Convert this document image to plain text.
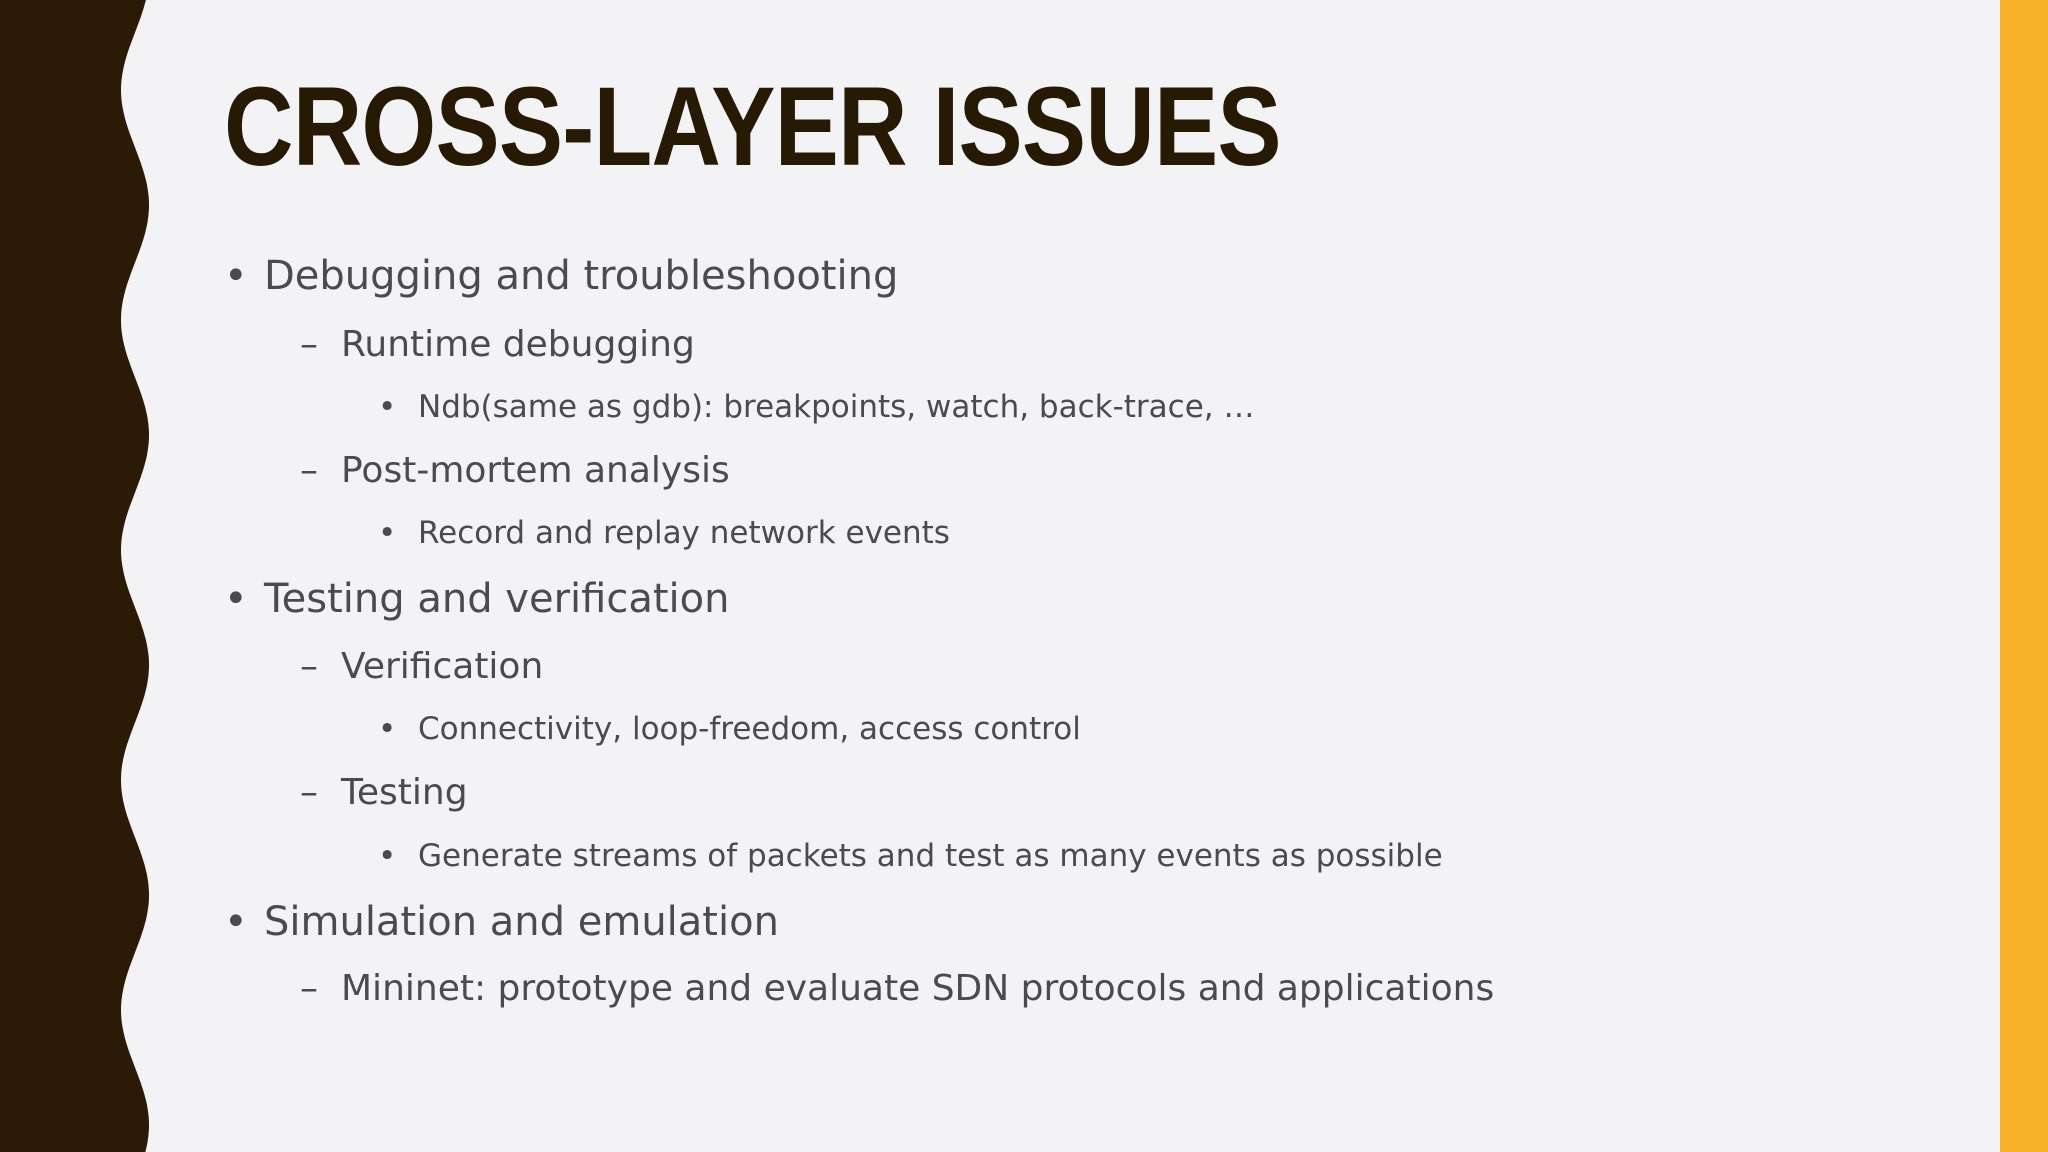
CROSS-LAYER ISSUES
• Debugging and troubleshooting
– Runtime debugging
• Ndb(same as gdb): breakpoints, watch, back-trace, …
– Post-mortem analysis
• Record and replay network events
• Testing and verification
– Verification
• Connectivity, loop-freedom, access control
– Testing
• Generate streams of packets and test as many events as possible
• Simulation and emulation
– Mininet: prototype and evaluate SDN protocols and applications
